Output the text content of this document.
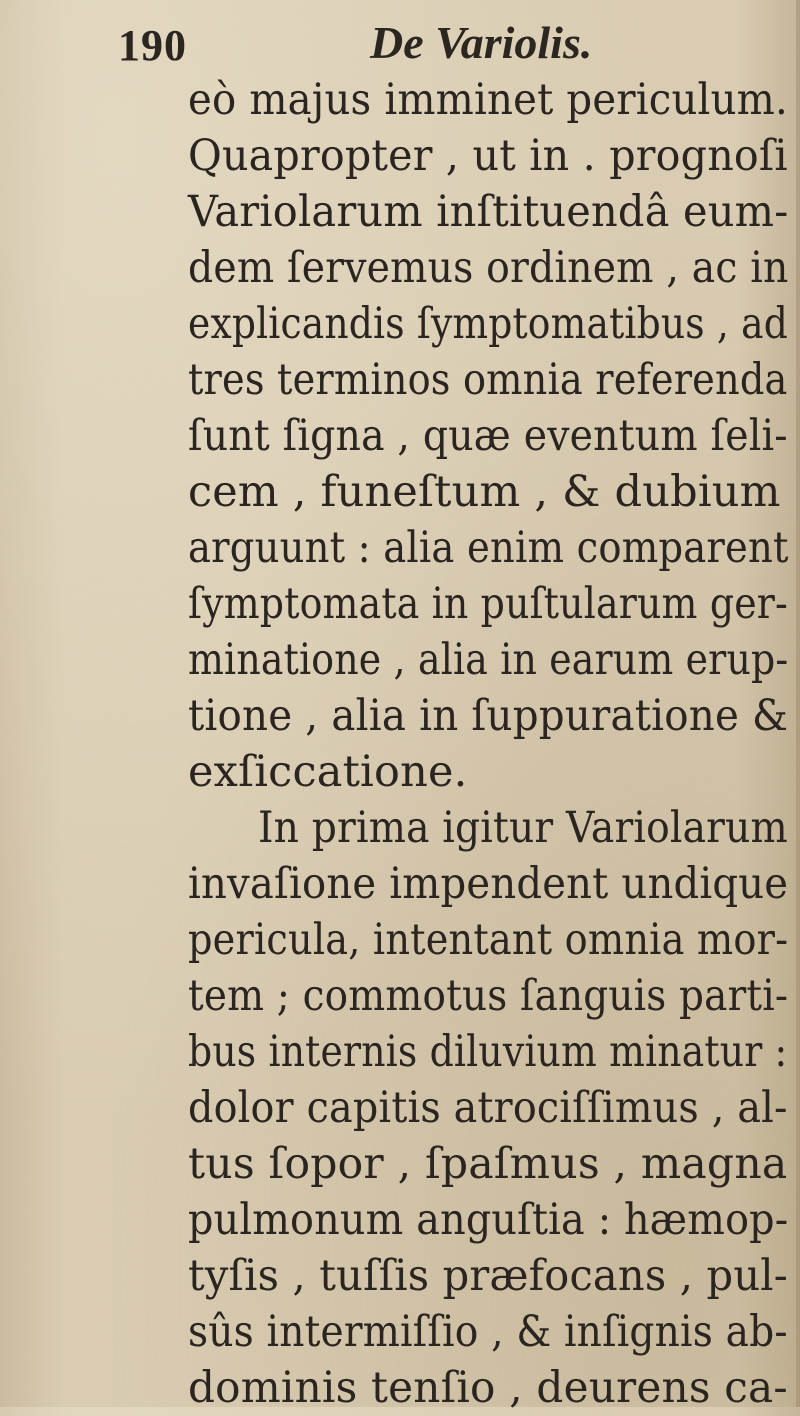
190	De Variolis.
eò majus imminet periculum.
Quapropter , ut in . prognoſi
Variolarum inſtituendâ eum-
dem ſervemus ordinem , ac in
explicandis ſymptomatibus , ad
tres terminos omnia referenda
ſunt ſigna , quæ eventum ſeli-
cem , funeſtum , & dubium
arguunt : alia enim comparent
ſymptomata in puſtularum ger-
minatione , alia in earum erup-
tione , alia in ſuppuratione &
exſiccatione.
In prima igitur Variolarum
invaſione impendent undique
pericula, intentant omnia mor-
tem ; commotus ſanguis parti-
bus internis diluvium minatur :
dolor capitis atrociſſimus , al-
tus ſopor , ſpaſmus , magna
pulmonum anguſtia : hæmop-
tyſis , tuſſis præfocans , pul-
sûs intermiſſio , & inſignis ab-
dominis tenſio , deurens ca-
